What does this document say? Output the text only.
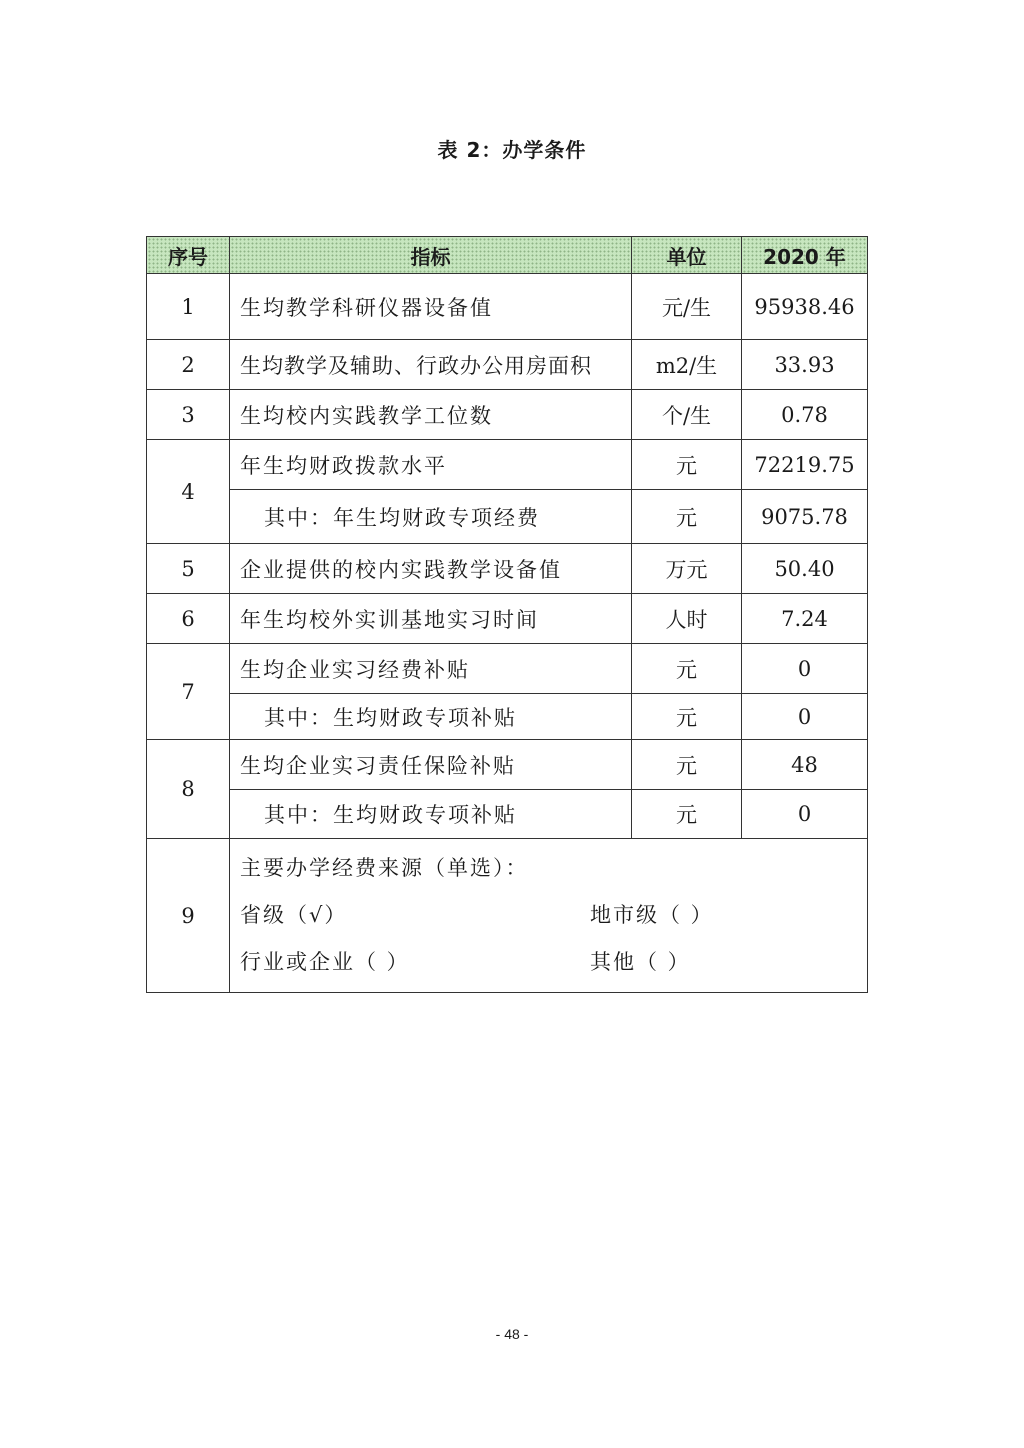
表 2：办学条件
序号	指标	单位	2020 年
1	生均教学科研仪器设备值	元/生	95938.46
2	生均教学及辅助、行政办公用房面积	m2/生	33.93
3	生均校内实践教学工位数	个/生	0.78
4	年生均财政拨款水平	元	72219.75
	其中：年生均财政专项经费	元	9075.78
5	企业提供的校内实践教学设备值	万元	50.40
6	年生均校外实训基地实习时间	人时	7.24
7	生均企业实习经费补贴	元	0
	其中：生均财政专项补贴	元	0
8	生均企业实习责任保险补贴	元	48
	其中：生均财政专项补贴	元	0
9	主要办学经费来源（单选）：
省级（√） 地市级（ ）
行业或企业（ ） 其他（ ）		
- 48 -
